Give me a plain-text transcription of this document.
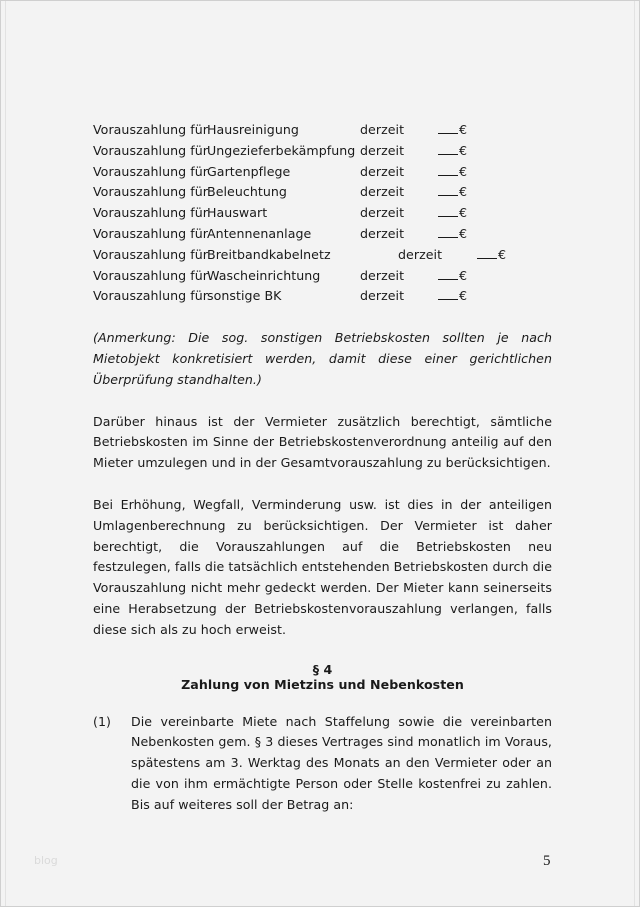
Vorauszahlung für Hausreinigung	derzeit	€
Vorauszahlung für Ungezieferbekämpfung derzeit	€
Vorauszahlung für Gartenpflege	derzeit	€
Vorauszahlung für Beleuchtung	derzeit	€
Vorauszahlung für Hauswart	derzeit	€
Vorauszahlung für Antennenanlage	derzeit	€
Vorauszahlung für Breitbandkabelnetz	derzeit	€
Vorauszahlung für Wascheinrichtung	derzeit	€
Vorauszahlung für sonstige BK	derzeit	€
(Anmerkung: Die sog. sonstigen Betriebskosten sollten je nach Mietobjekt konkretisiert werden, damit diese einer gerichtlichen Überprüfung standhalten.)

Darüber hinaus ist der Vermieter zusätzlich berechtigt, sämtliche Betriebskosten im Sinne der Betriebskostenverordnung anteilig auf den Mieter umzulegen und in der Gesamtvorauszahlung zu berücksichtigen.

Bei Erhöhung, Wegfall, Verminderung usw. ist dies in der anteiligen Umlagenberechnung zu berücksichtigen. Der Vermieter ist daher berechtigt, die Vorauszahlungen auf die Betriebskosten neu festzulegen, falls die tatsächlich entstehenden Betriebskosten durch die Vorauszahlung nicht mehr gedeckt werden. Der Mieter kann seinerseits eine Herabsetzung der Betriebskostenvorauszahlung verlangen, falls diese sich als zu hoch erweist.

§ 4
Zahlung von Mietzins und Nebenkosten
(1) Die vereinbarte Miete nach Staffelung sowie die vereinbarten Nebenkosten gem. § 3 dieses Vertrages sind monatlich im Voraus, spätestens am 3. Werktag des Monats an den Vermieter oder an die von ihm ermächtigte Person oder Stelle kostenfrei zu zahlen. Bis auf weiteres soll der Betrag an:
blog	5
